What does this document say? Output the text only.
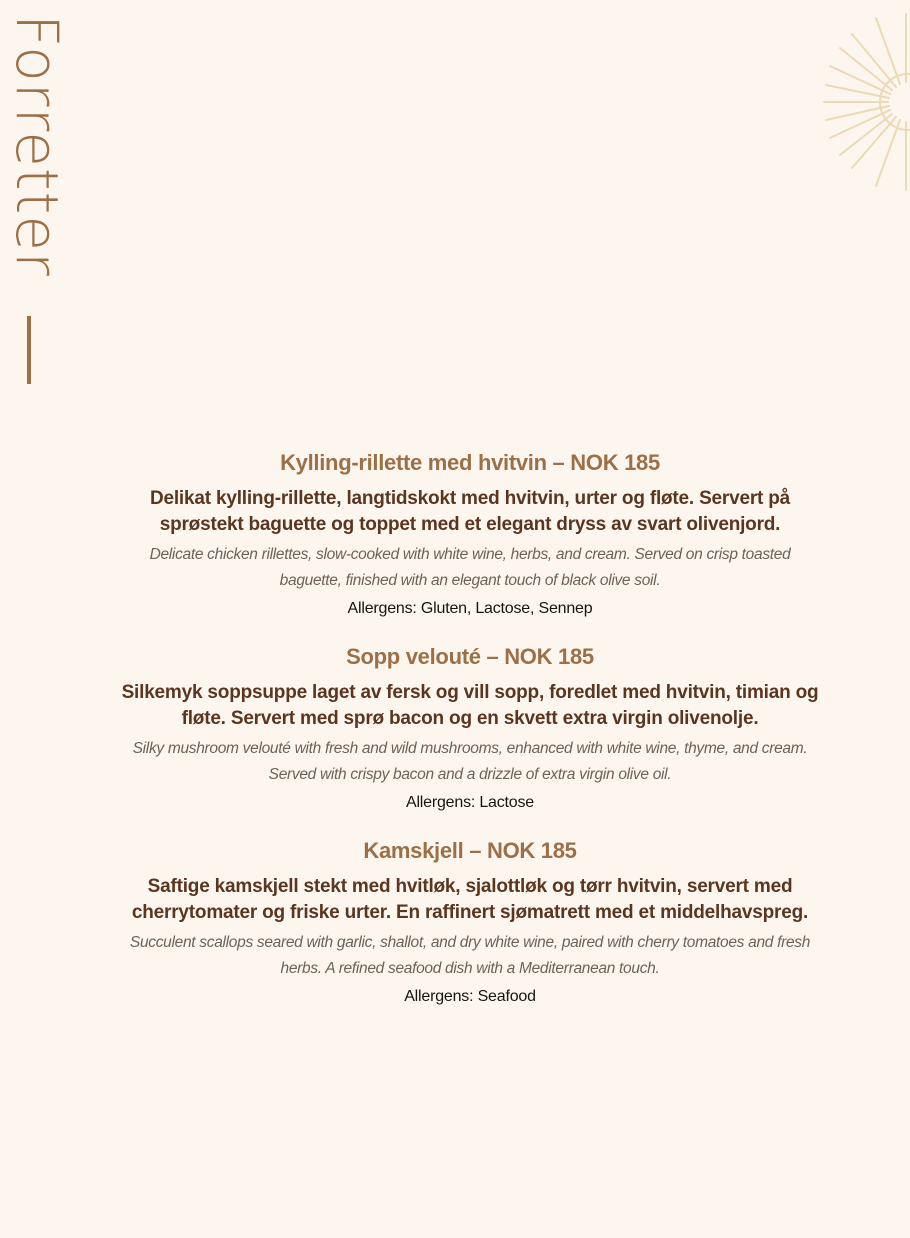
Forretter

Kylling-rillette med hvitvin – NOK 185

Delikat kylling-rillette, langtidskokt med hvitvin, urter og fløte. Servert på sprøstekt baguette og toppet med et elegant dryss av svart olivenjord.

Delicate chicken rillettes, slow-cooked with white wine, herbs, and cream. Served on crisp toasted baguette, finished with an elegant touch of black olive soil.

Allergens: Gluten, Lactose, Sennep

Sopp velouté – NOK 185

Silkemyk soppsuppe laget av fersk og vill sopp, foredlet med hvitvin, timian og fløte. Servert med sprø bacon og en skvett extra virgin olivenolje.

Silky mushroom velouté with fresh and wild mushrooms, enhanced with white wine, thyme, and cream. Served with crispy bacon and a drizzle of extra virgin olive oil.

Allergens: Lactose

Kamskjell – NOK 185

Saftige kamskjell stekt med hvitløk, sjalottløk og tørr hvitvin, servert med cherrytomater og friske urter. En raffinert sjømatrett med et middelhavspreg.

Succulent scallops seared with garlic, shallot, and dry white wine, paired with cherry tomatoes and fresh herbs. A refined seafood dish with a Mediterranean touch.

Allergens: Seafood
